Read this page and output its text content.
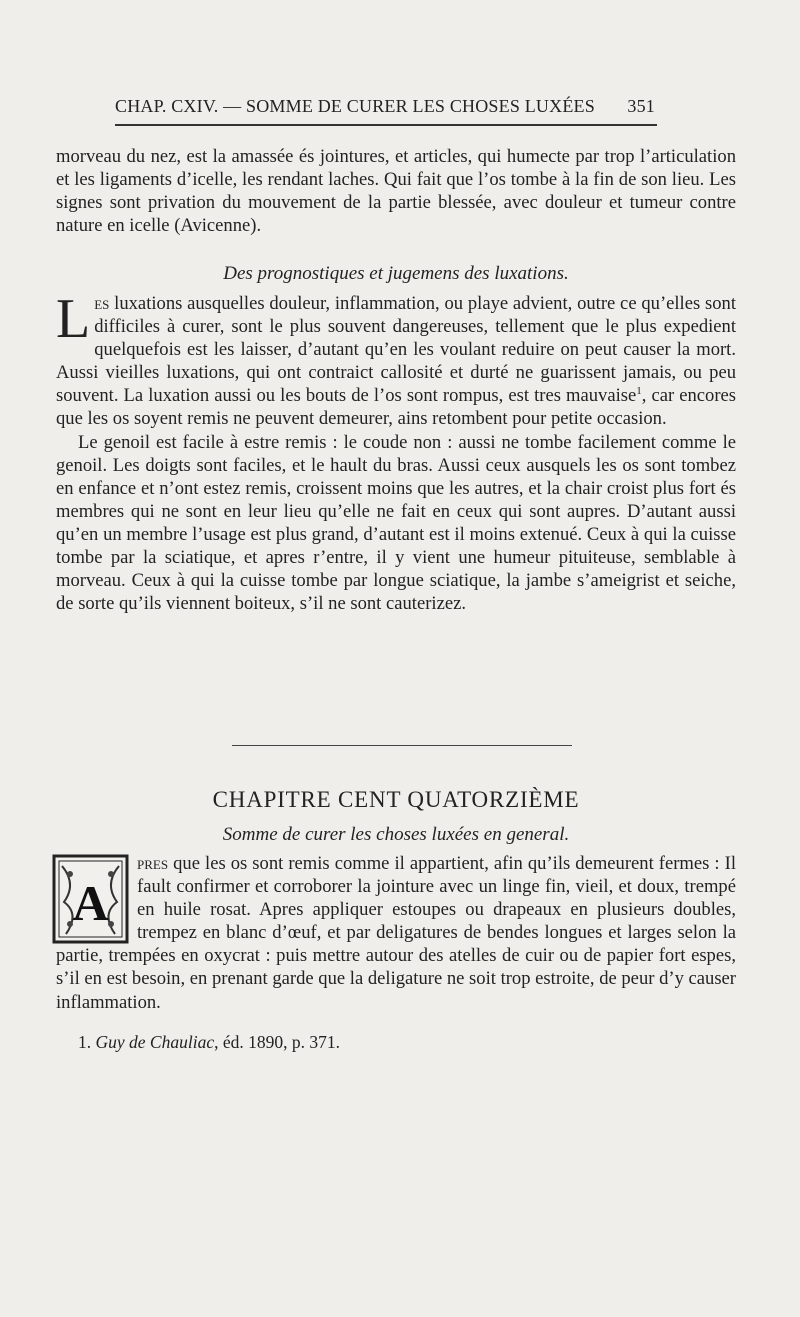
CHAP. CXIV. — SOMME DE CURER LES CHOSES LUXÉES 351

morveau du nez, est la amassée és jointures, et articles, qui humecte par trop l’articulation et les ligaments d’icelle, les rendant laches. Qui fait que l’os tombe à la fin de son lieu. Les signes sont privation du mouvement de la partie blessée, avec douleur et tumeur contre nature en icelle (Avicenne).

Des prognostiques et jugemens des luxations.

Les luxations ausquelles douleur, inflammation, ou playe advient, outre ce qu’elles sont difficiles à curer, sont le plus souvent dangereuses, tellement que le plus expedient quelquefois est les laisser, d’autant qu’en les voulant reduire on peut causer la mort. Aussi vieilles luxations, qui ont contraict callosité et durté ne guarissent jamais, ou peu souvent. La luxation aussi ou les bouts de l’os sont rompus, est tres mauvaise$^1$, car encores que les os soyent remis ne peuvent demeurer, ains retombent pour petite occasion.

Le genoil est facile à estre remis : le coude non : aussi ne tombe facilement comme le genoil. Les doigts sont faciles, et le hault du bras. Aussi ceux ausquels les os sont tombez en enfance et n’ont estez remis, croissent moins que les autres, et la chair croist plus fort és membres qui ne sont en leur lieu qu’elle ne fait en ceux qui sont aupres. D’autant aussi qu’en un membre l’usage est plus grand, d’autant est il moins extenué. Ceux à qui la cuisse tombe par la sciatique, et apres r’entre, il y vient une humeur pituiteuse, semblable à morveau. Ceux à qui la cuisse tombe par longue sciatique, la jambe s’ameigrist et seiche, de sorte qu’ils viennent boiteux, s’il ne sont cauterizez.

CHAPITRE CENT QUATORZIÈME
Somme de curer les choses luxées en general.

A
pres que les os sont remis comme il appartient, afin qu’ils demeurent fermes : Il fault confirmer et corroborer la jointure avec un linge fin, vieil, et doux, trempé en huile rosat. Apres appliquer estoupes ou drapeaux en plusieurs doubles, trempez en blanc d’œuf, et par deligatures de bendes longues et larges selon la partie, trempées en oxycrat : puis mettre autour des atelles de cuir ou de papier fort espes, s’il en est besoin, en prenant garde que la deligature ne soit trop estroite, de peur d’y causer inflammation.

1. Guy de Chauliac, éd. 1890, p. 371.
